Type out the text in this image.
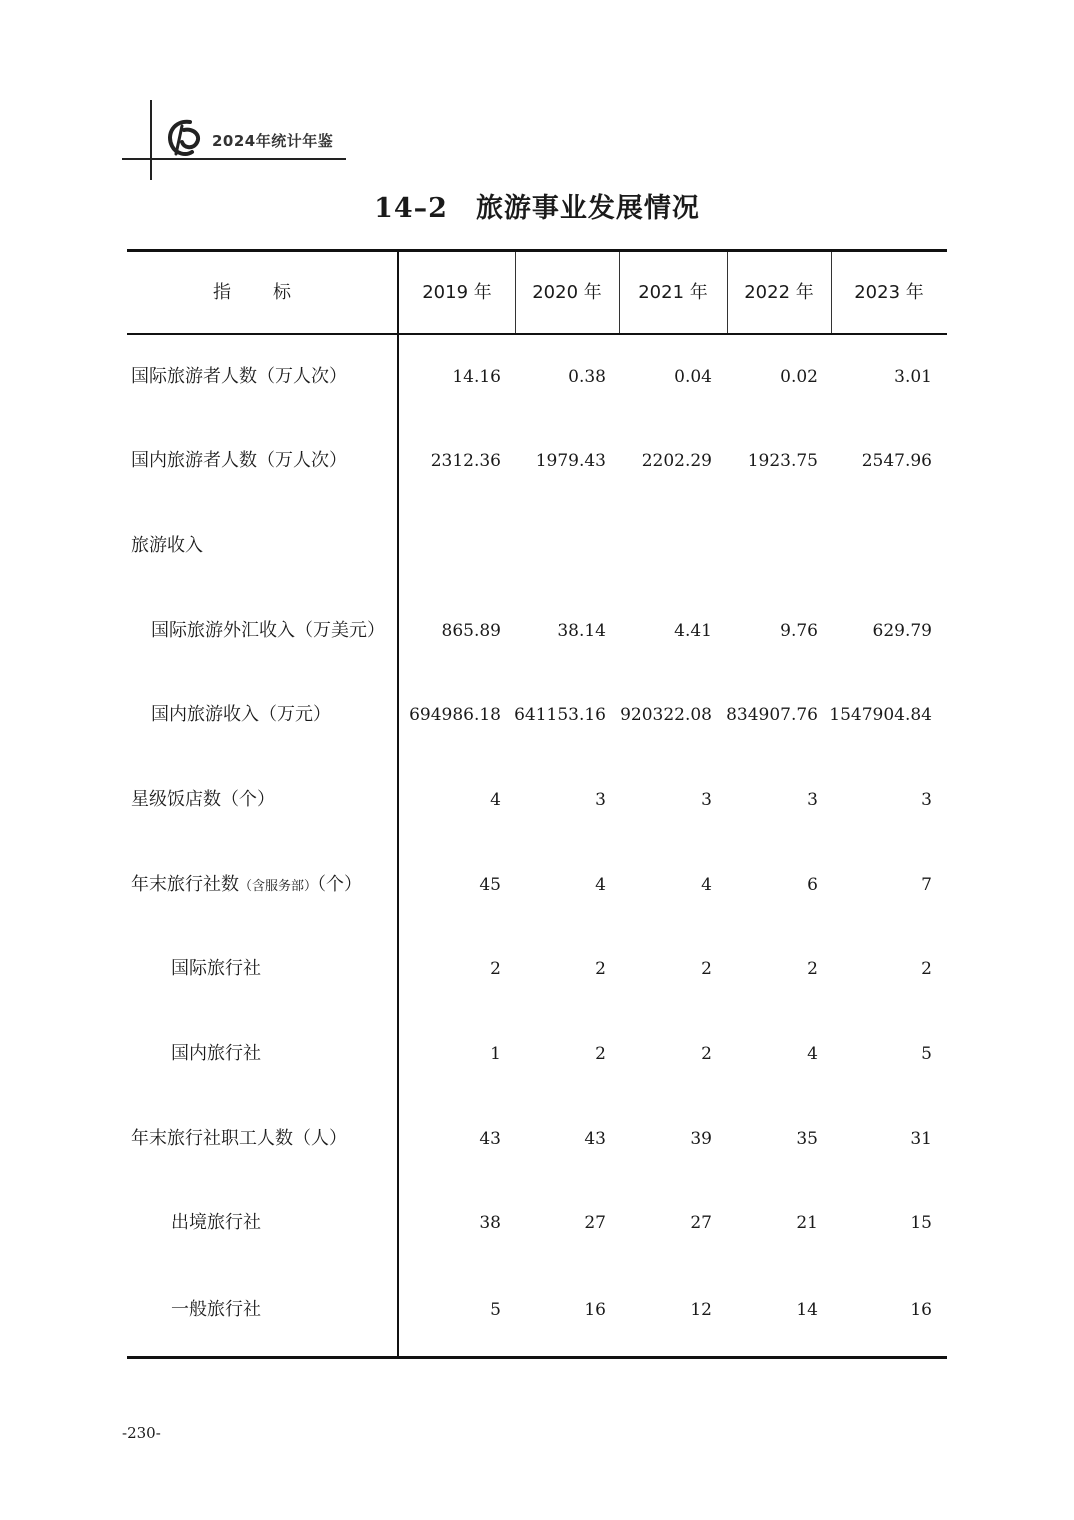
2024年统计年鉴
14–2 旅游事业发展情况
指标	2019 年	2020 年	2021 年	2022 年	2023 年
国际旅游者人数（万人次）	14.16	0.38	0.04	0.02	3.01
国内旅游者人数（万人次）	2312.36	1979.43	2202.29	1923.75	2547.96
旅游收入
国际旅游外汇收入（万美元）	865.89	38.14	4.41	9.76	629.79
国内旅游收入（万元）	694986.18 641153.16 920322.08 834907.76 1547904.84
星级饭店数（个）	4	3	3	3	3
年末旅行社数（含服务部）（个）	45	4	4	6	7
国际旅行社	2	2	2	2	2
国内旅行社	1	2	2	4	5
年末旅行社职工人数（人）	43	43	39	35	31
出境旅行社	38	27	27	21	15
一般旅行社	5	16	12	14	16
-230-
